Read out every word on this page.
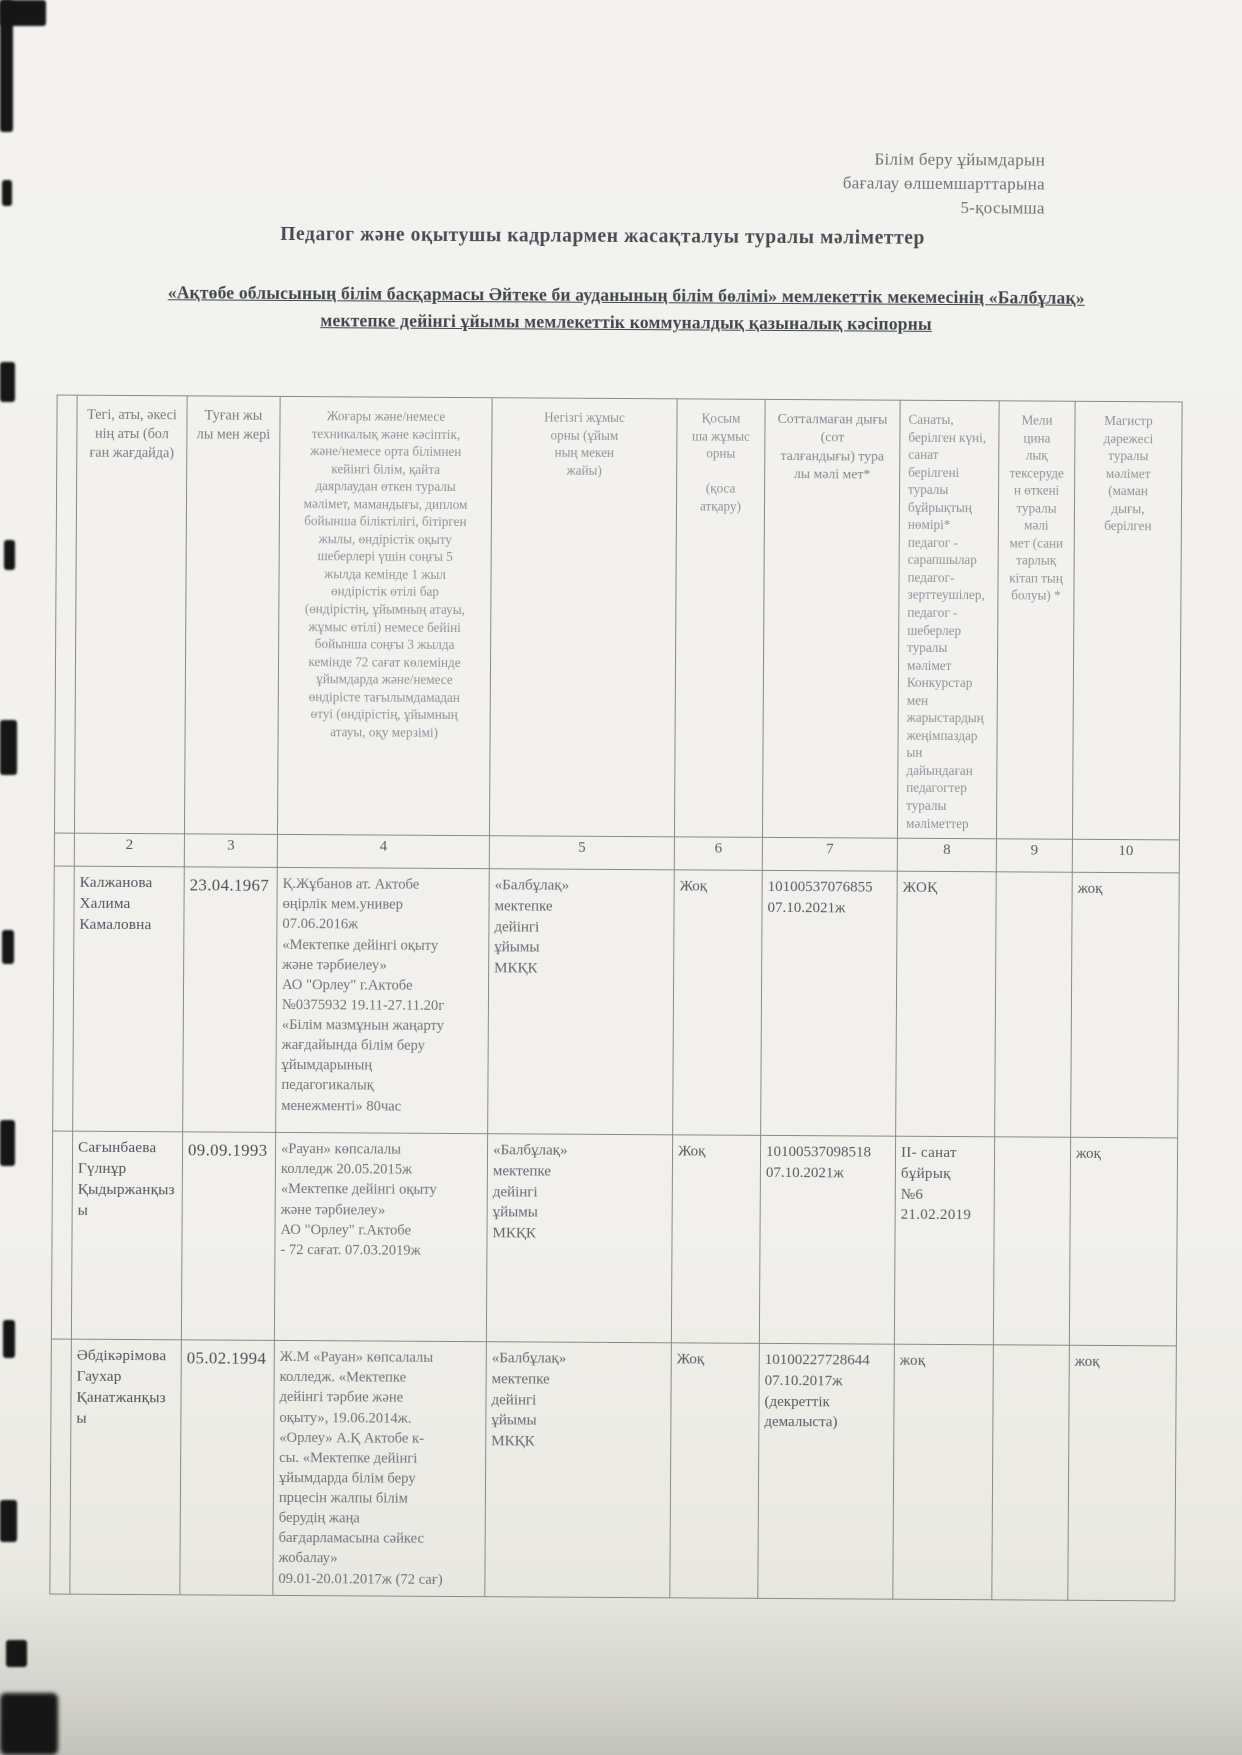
Білім беру ұйымдарын
бағалау өлшемшарттарына
5-қосымша
Педагог және оқытушы кадрлармен жасақталуы туралы мәліметтер
«Ақтөбе облысының білім басқармасы Әйтеке би ауданының білім бөлімі» мемлекеттік мекемесінің «Балбұлақ» мектепке дейінгі ұйымы мемлекеттік коммуналдық қазыналық кәсіпорны
	Тегі, аты, әкесі
нің аты (бол
ған жағдайда)	Туған жы
лы мен жері	Жоғары және/немесе
техникалық және кәсіптік,
және/немесе орта білімнен
кейінгі білім, қайта
даярлаудан өткен туралы
мәлімет, мамандығы, диплом
бойынша біліктілігі, бітірген
жылы, өндірістік оқыту
шеберлері үшін соңғы 5
жылда кемінде 1 жыл
өндірістік өтілі бар
(өндірістің, ұйымның атауы,
жұмыс өтілі) немесе бейіні
бойынша соңғы 3 жылда
кемінде 72 сағат көлемінде
ұйымдарда және/немесе
өндірісте тағылымдамадан
өтуі (өндірістің, ұйымның
атауы, оқу мерзімі)	Негізгі жұмыс
орны (ұйым
ның мекен
жайы)	Қосым
ша жұмыс
орны

(қоса
атқару)	Сотталмаған дығы
(сот
талғандығы) тура
лы мәлі мет*	Санаты,
берілген күні,
санат
берілгені
туралы
бұйрықтың
нөмірі*
педагог -
сарапшылар
педагог-
зерттеушілер,
педагог -
шеберлер
туралы
мәлімет
Конкурстар
мен
жарыстардың
жеңімпаздар
ын
дайындаған
педагогтер
туралы
мәліметтер	Мели
цина
лық
тексеруде
н өткені
туралы
мәлі
мет (сани
тарлық
кітап тың
болуы) *	Магистр
дәрежесі
туралы
мәлімет
(маман
дығы,
берілген
	2	3	4	5	6	7	8	9	10
	Калжанова
Халима
Камаловна	23.04.1967	Қ.Жұбанов ат. Актобе
өңірлік мем.универ
07.06.2016ж
«Мектепке дейінгі оқыту
және тәрбиелеу»
АО "Орлеу" г.Актобе
№0375932 19.11-27.11.20г
«Білім мазмұнын жаңарту
жағдайында білім беру
ұйымдарының
педагогикалық
менежменті» 80час	«Балбұлақ»
мектепке
дейінгі
ұйымы
МКҚК	Жоқ	10100537076855
07.10.2021ж	ЖОҚ		жоқ
	Сағынбаева
Гүлнұр
Қыдыржанқызы	09.09.1993	«Рауан» көпсалалы
колледж 20.05.2015ж
«Мектепке дейінгі оқыту
және тәрбиелеу»
АО "Орлеу" г.Актобе
- 72 сағат. 07.03.2019ж	«Балбұлақ»
мектепке
дейінгі
ұйымы
МКҚК	Жоқ	10100537098518
07.10.2021ж	ІІ- санат
бұйрық
№6
21.02.2019		жоқ
	Әбдікәрімова
Гаухар
Қанатжанқызы	05.02.1994	Ж.М «Рауан» көпсалалы
колледж. «Мектепке
дейінгі тәрбие және
оқыту», 19.06.2014ж.
«Орлеу» А.Қ Актобе к-
сы. «Мектепке дейінгі
ұйымдарда білім беру
прцесін жалпы білім
берудің жаңа
бағдарламасына сәйкес
жобалау»
09.01-20.01.2017ж (72 сағ)	«Балбұлақ»
мектепке
дейінгі
ұйымы
МКҚК	Жоқ	10100227728644
07.10.2017ж
(декреттік
демалыста)	жоқ		жоқ
